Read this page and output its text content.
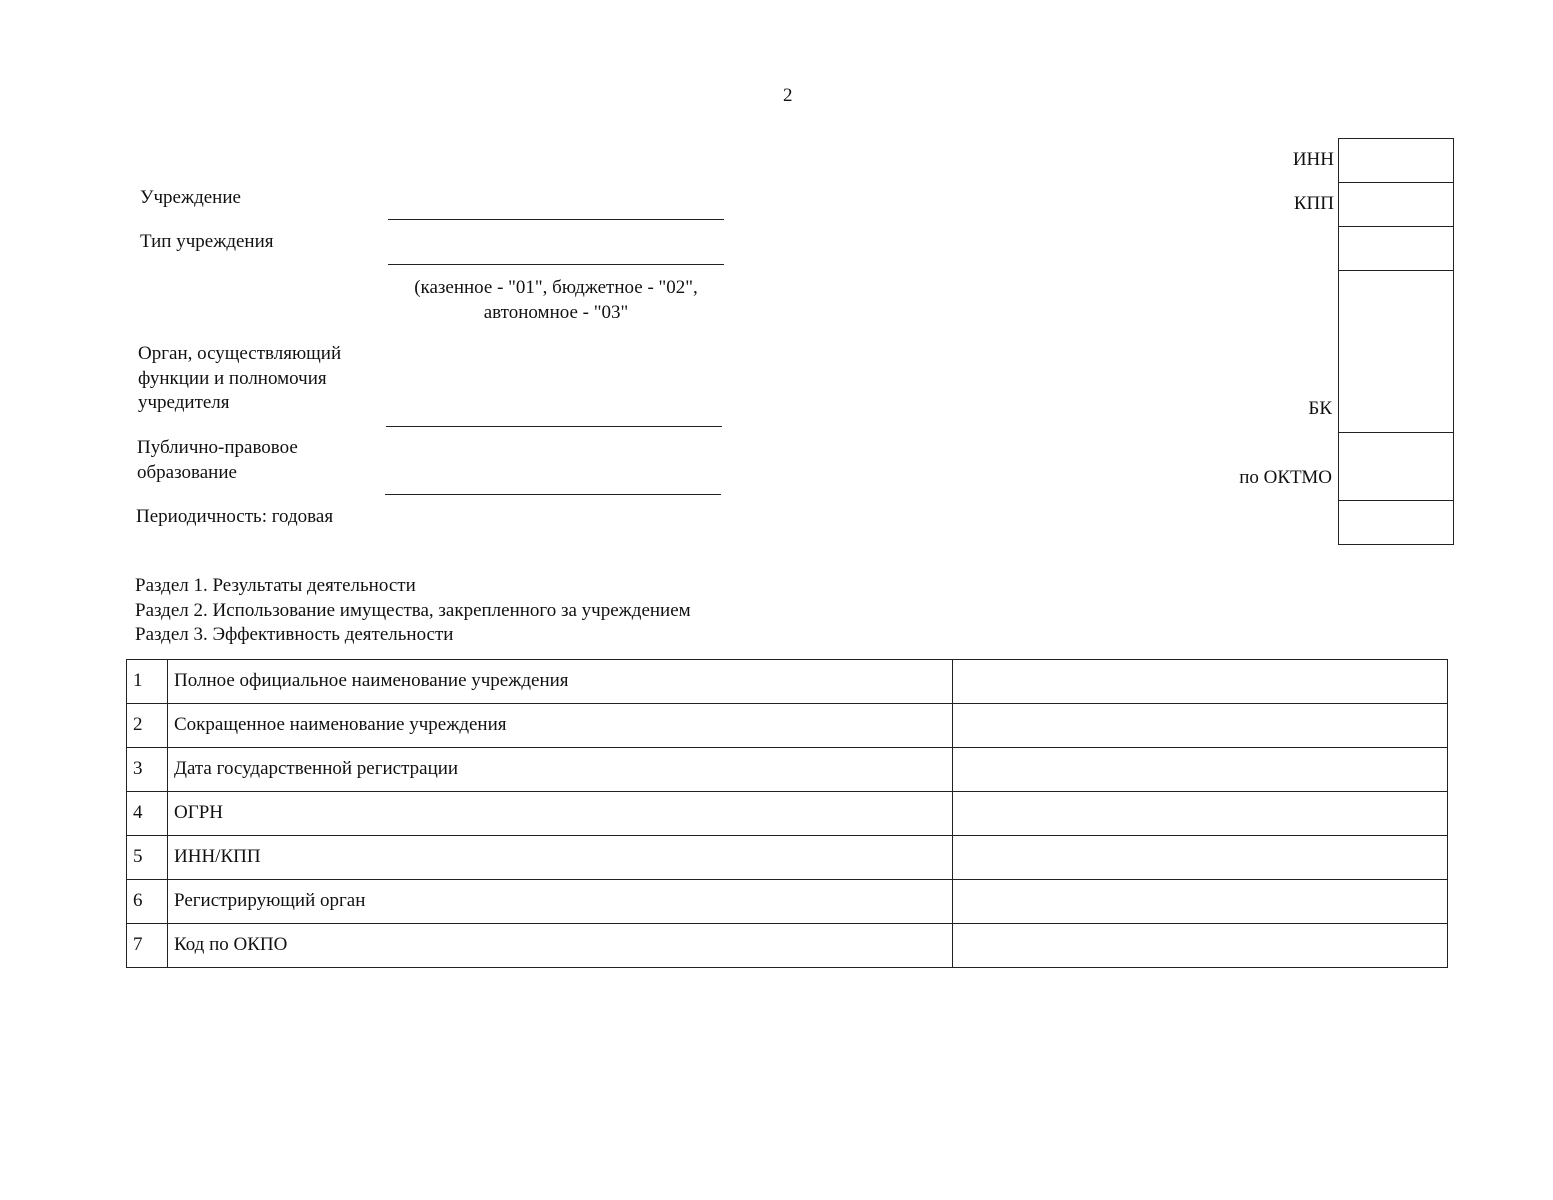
2
Учреждение
Тип учреждения
(казенное - "01", бюджетное - "02",
автономное - "03"
Орган, осуществляющий
функции и полномочия
учредителя
Публично-правовое
образование
Периодичность: годовая
ИНН
КПП
БК
по ОКТМО
Раздел 1. Результаты деятельности
Раздел 2. Использование имущества, закрепленного за учреждением
Раздел 3. Эффективность деятельности
1	Полное официальное наименование учреждения	
2	Сокращенное наименование учреждения	
3	Дата государственной регистрации	
4	ОГРН	
5	ИНН/КПП	
6	Регистрирующий орган	
7	Код по ОКПО	
